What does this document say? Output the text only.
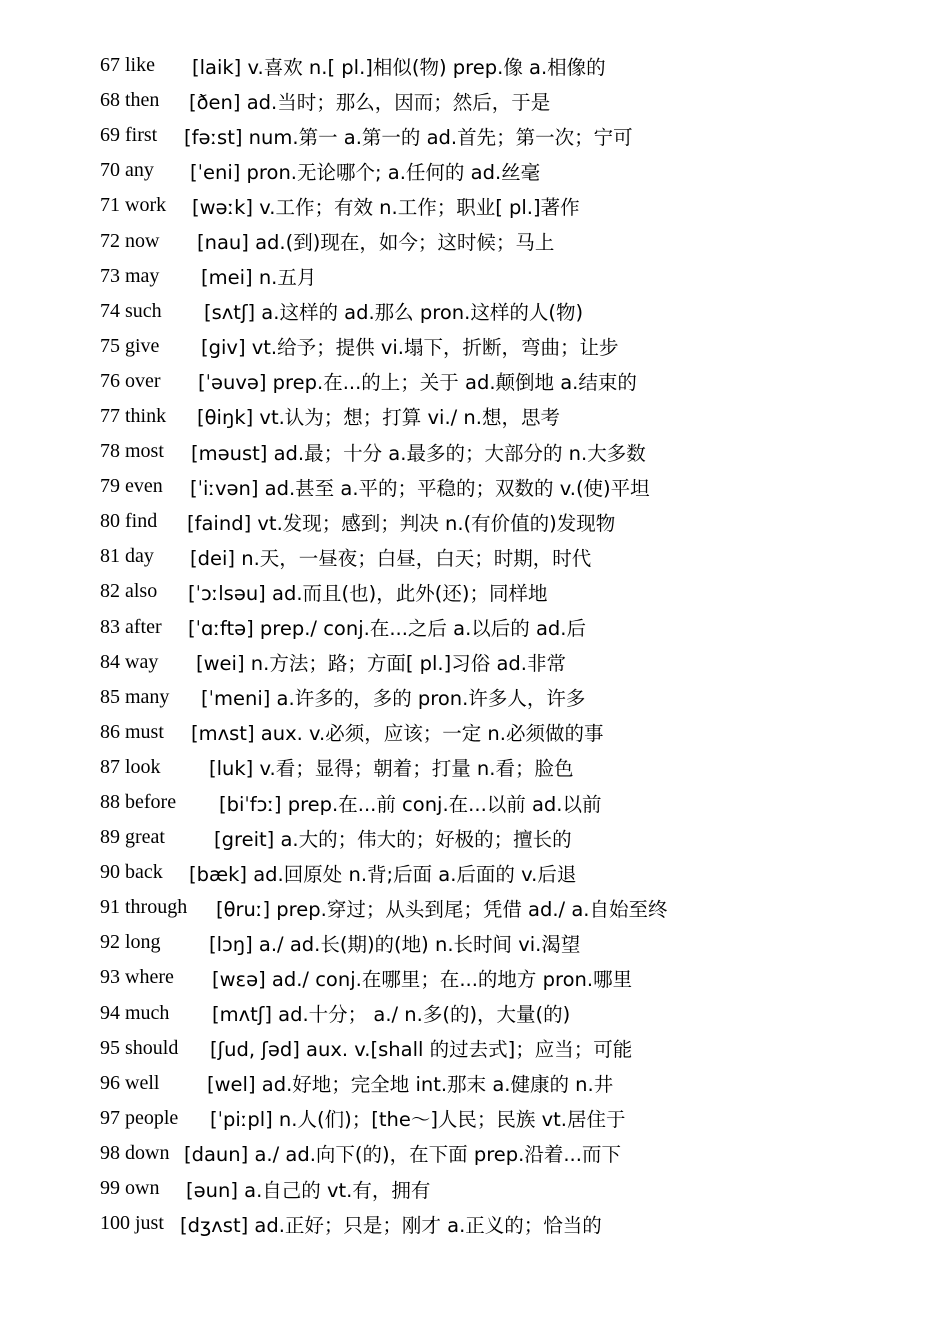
67 like	[laik] v.喜欢 n.[ pl.]相似(物) prep.像 a.相像的
68 then	[ðen] ad.当时；那么，因而；然后，于是
69 first	[fəːst] num.第一 a.第一的 ad.首先；第一次；宁可
70 any	[ˈeni] pron.无论哪个; a.任何的 ad.丝毫
71 work	[wəːk] v.工作；有效 n.工作；职业[ pl.]著作
72 now	[nau] ad.(到)现在，如今；这时候；马上
73 may	[mei] n.五月
74 such	[sʌtʃ] a.这样的 ad.那么 pron.这样的人(物)
75 give	[giv] vt.给予；提供 vi.塌下，折断，弯曲；让步
76 over	[ˈəuvə] prep.在...的上；关于 ad.颠倒地 a.结束的
77 think	[θiŋk] vt.认为；想；打算 vi./ n.想，思考
78 most	[məust] ad.最；十分 a.最多的；大部分的 n.大多数
79 even	[ˈiːvən] ad.甚至 a.平的；平稳的；双数的 v.(使)平坦
80 find	[faind] vt.发现；感到；判决 n.(有价值的)发现物
81 day	[dei] n.天，一昼夜；白昼，白天；时期，时代
82 also	[ˈɔːlsəu] ad.而且(也)，此外(还)；同样地
83 after	[ˈɑːftə] prep./ conj.在...之后 a.以后的 ad.后
84 way	[wei] n.方法；路；方面[ pl.]习俗 ad.非常
85 many	[ˈmeni] a.许多的，多的 pron.许多人，许多
86 must	[mʌst] aux. v.必须，应该；一定 n.必须做的事
87 look	[luk] v.看；显得；朝着；打量 n.看；脸色
88 before	[biˈfɔː] prep.在...前 conj.在...以前 ad.以前
89 great	[greit] a.大的；伟大的；好极的；擅长的
90 back	[bæk] ad.回原处 n.背;后面 a.后面的 v.后退
91 through	[θruː] prep.穿过；从头到尾；凭借 ad./ a.自始至终
92 long	[lɔŋ] a./ ad.长(期)的(地) n.长时间 vi.渴望
93 where	[wεə] ad./ conj.在哪里；在...的地方 pron.哪里
94 much	[mʌtʃ] ad.十分； a./ n.多(的)，大量(的)
95 should	[ʃud, ʃəd] aux. v.[shall 的过去式]；应当；可能
96 well	[wel] ad.好地；完全地 int.那末 a.健康的 n.井
97 people	[ˈpiːpl] n.人(们)；[the～]人民；民族 vt.居住于
98 down [daun] a./ ad.向下(的)，在下面 prep.沿着...而下
99 own	[əun] a.自己的 vt.有，拥有
100 just [dʒʌst] ad.正好；只是；刚才 a.正义的；恰当的
